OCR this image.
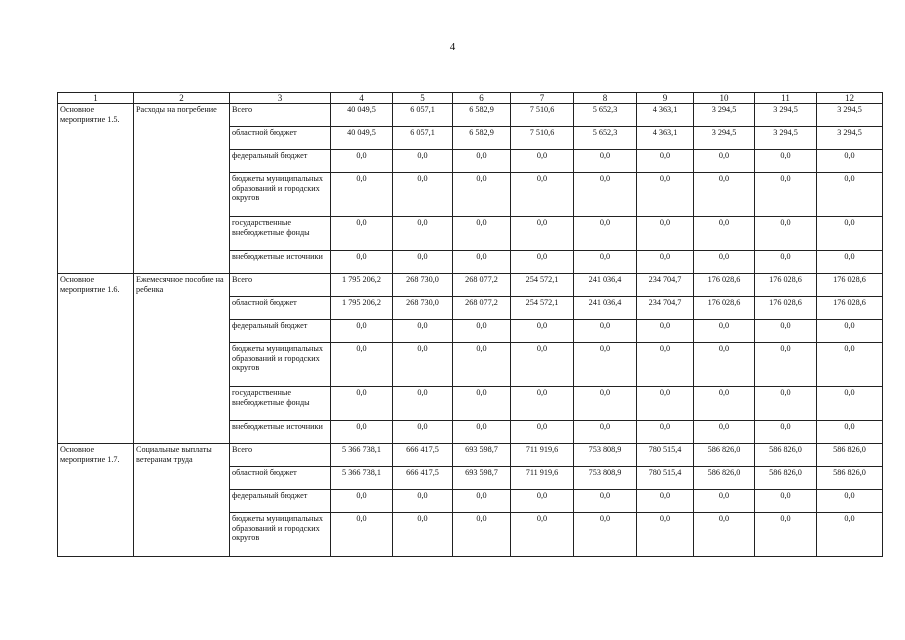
4
1	2	3	4	5	6	7	8	9	10	11	12
Основное мероприятие 1.5.	Расходы на погребение	Всего	40 049,5	6 057,1	6 582,9	7 510,6	5 652,3	4 363,1	3 294,5	3 294,5	3 294,5
		областной бюджет	40 049,5	6 057,1	6 582,9	7 510,6	5 652,3	4 363,1	3 294,5	3 294,5	3 294,5
		федеральный бюджет	0,0	0,0	0,0	0,0	0,0	0,0	0,0	0,0	0,0
		бюджеты муниципальных образований и городских округов	0,0	0,0	0,0	0,0	0,0	0,0	0,0	0,0	0,0
		государственные внебюджетные фонды	0,0	0,0	0,0	0,0	0,0	0,0	0,0	0,0	0,0
		внебюджетные источники	0,0	0,0	0,0	0,0	0,0	0,0	0,0	0,0	0,0
Основное мероприятие 1.6.	Ежемесячное пособие на ребенка	Всего	1 795 206,2	268 730,0	268 077,2	254 572,1	241 036,4	234 704,7	176 028,6	176 028,6	176 028,6
		областной бюджет	1 795 206,2	268 730,0	268 077,2	254 572,1	241 036,4	234 704,7	176 028,6	176 028,6	176 028,6
		федеральный бюджет	0,0	0,0	0,0	0,0	0,0	0,0	0,0	0,0	0,0
		бюджеты муниципальных образований и городских округов	0,0	0,0	0,0	0,0	0,0	0,0	0,0	0,0	0,0
		государственные внебюджетные фонды	0,0	0,0	0,0	0,0	0,0	0,0	0,0	0,0	0,0
		внебюджетные источники	0,0	0,0	0,0	0,0	0,0	0,0	0,0	0,0	0,0
Основное мероприятие 1.7.	Социальные выплаты ветеранам труда	Всего	5 366 738,1	666 417,5	693 598,7	711 919,6	753 808,9	780 515,4	586 826,0	586 826,0	586 826,0
		областной бюджет	5 366 738,1	666 417,5	693 598,7	711 919,6	753 808,9	780 515,4	586 826,0	586 826,0	586 826,0
		федеральный бюджет	0,0	0,0	0,0	0,0	0,0	0,0	0,0	0,0	0,0
		бюджеты муниципальных образований и городских округов	0,0	0,0	0,0	0,0	0,0	0,0	0,0	0,0	0,0
